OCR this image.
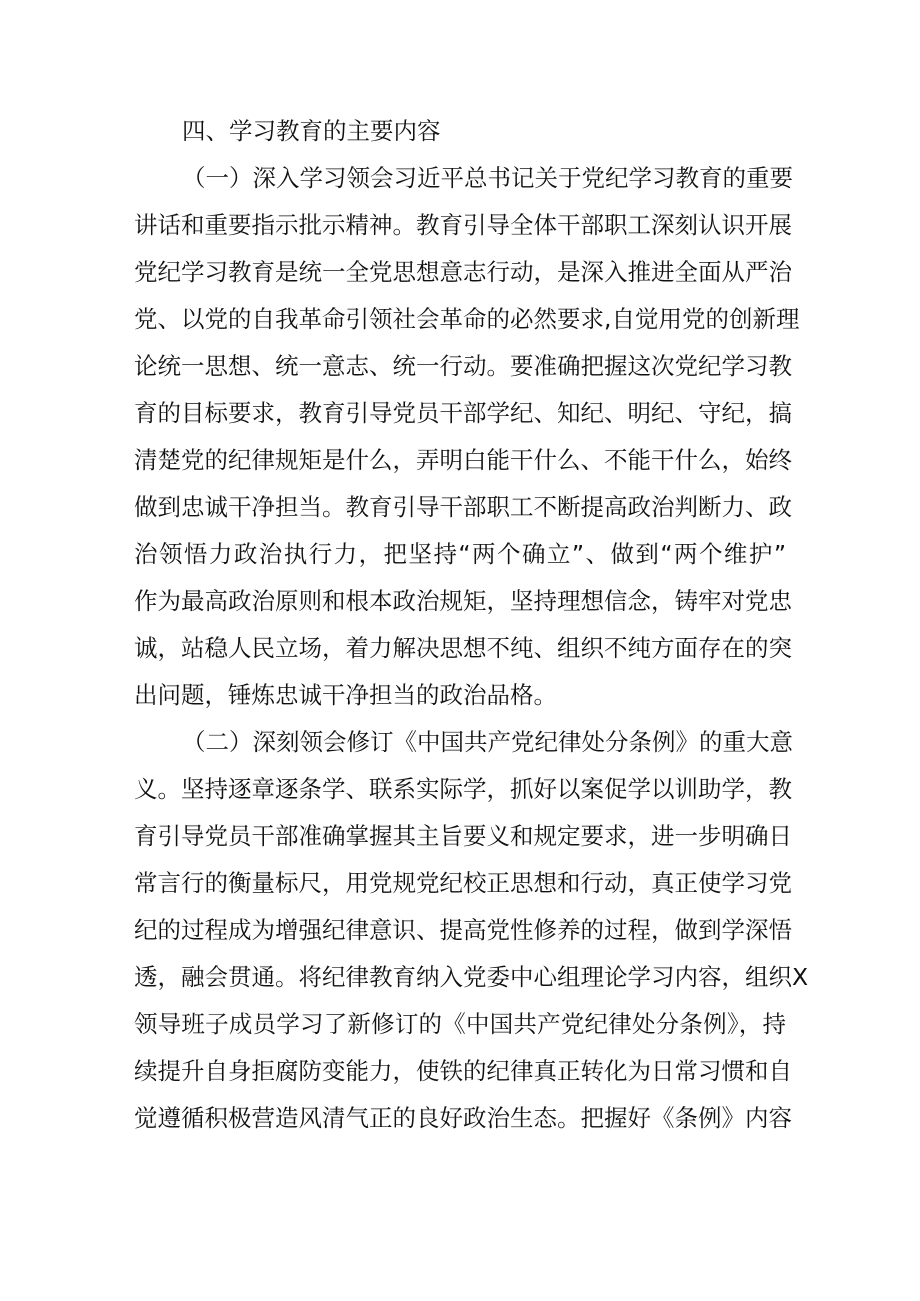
四、学习教育的主要内容
（一）深入学习领会习近平总书记关于党纪学习教育的重要
讲话和重要指示批示精神。教育引导全体干部职工深刻认识开展
党纪学习教育是统一全党思想意志行动，是深入推进全面从严治
党、以党的自我革命引领社会革命的必然要求,自觉用党的创新理
论统一思想、统一意志、统一行动。要准确把握这次党纪学习教
育的目标要求，教育引导党员干部学纪、知纪、明纪、守纪，搞
清楚党的纪律规矩是什么，弄明白能干什么、不能干什么，始终
做到忠诚干净担当。教育引导干部职工不断提高政治判断力、政
治领悟力政治执行力，把坚持“两个确立”、做到“两个维护”
作为最高政治原则和根本政治规矩，坚持理想信念，铸牢对党忠
诚，站稳人民立场，着力解决思想不纯、组织不纯方面存在的突
出问题，锤炼忠诚干净担当的政治品格。
（二）深刻领会修订《中国共产党纪律处分条例》的重大意
义。坚持逐章逐条学、联系实际学，抓好以案促学以训助学，教
育引导党员干部准确掌握其主旨要义和规定要求，进一步明确日
常言行的衡量标尺，用党规党纪校正思想和行动，真正使学习党
纪的过程成为增强纪律意识、提高党性修养的过程，做到学深悟
透，融会贯通。将纪律教育纳入党委中心组理论学习内容，组织X
领导班子成员学习了新修订的《中国共产党纪律处分条例》，持
续提升自身拒腐防变能力，使铁的纪律真正转化为日常习惯和自
觉遵循积极营造风清气正的良好政治生态。把握好《条例》内容
